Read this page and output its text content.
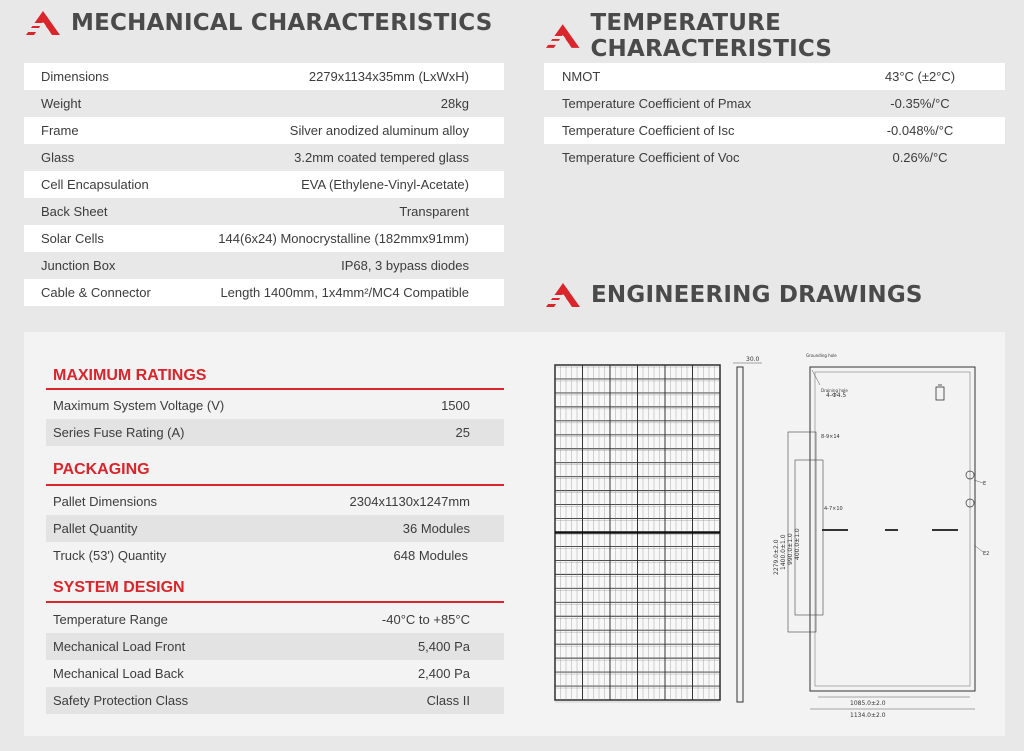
MECHANICAL CHARACTERISTICS	TEMPERATURE CHARACTERISTICS
Dimensions	2279x1134x35mm (LxWxH)
Weight	28kg
Frame	Silver anodized aluminum alloy
Glass	3.2mm coated tempered glass
Cell Encapsulation	EVA (Ethylene-Vinyl-Acetate)
Back Sheet	Transparent
Solar Cells	144(6x24) Monocrystalline (182mmx91mm)
Junction Box	IP68, 3 bypass diodes
Cable & Connector	Length 1400mm, 1x4mm²/MC4 Compatible
NMOT	43°C (±2°C)
Temperature Coefficient of Pmax	-0.35%/°C
Temperature Coefficient of Isc	-0.048%/°C
Temperature Coefficient of Voc	0.26%/°C
ENGINEERING DRAWINGS
MAXIMUM RATINGS
Maximum System Voltage (V)	1500
Series Fuse Rating (A)	25
PACKAGING
Pallet Dimensions	2304x1130x1247mm
Pallet Quantity	36 Modules
Truck (53') Quantity	648 Modules
SYSTEM DESIGN
Temperature Range	-40°C to +85°C
Mechanical Load Front	5,400 Pa
Mechanical Load Back	2,400 Pa
Safety Protection Class	Class II
30.0
E
E2
Grounding hole
Draining hole
4-Φ4.5
8-9×14
4-7×10
2279.0±2.0 1400.0±1.0 990.0±1.0 400.0±1.0
1085.0±2.0
1134.0±2.0
